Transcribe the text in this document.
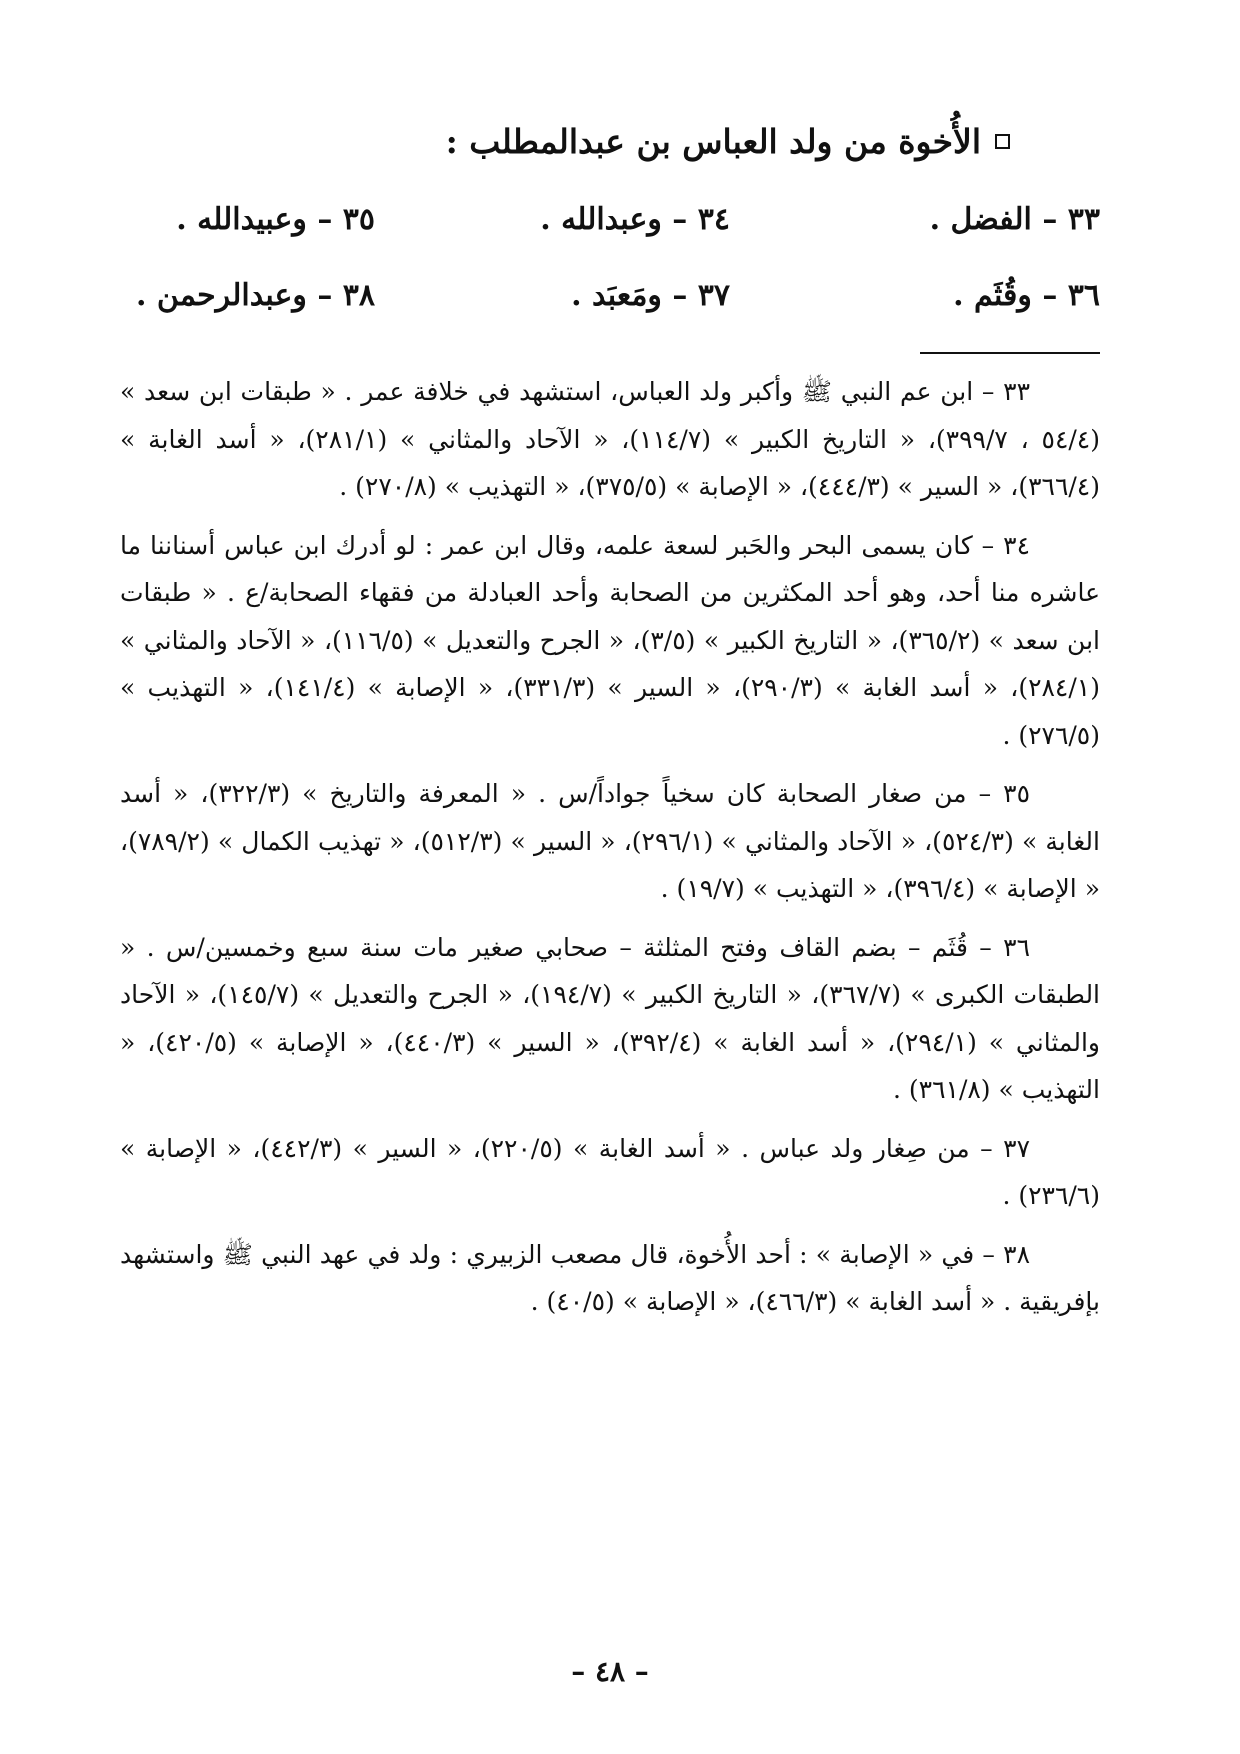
الأُخوة من ولد العباس بن عبدالمطلب :
٣٣ – الفضل .
٣٤ – وعبدالله .
٣٥ – وعبيدالله .
٣٦ – وقُثَم .
٣٧ – ومَعبَد .
٣٨ – وعبدالرحمن .

٣٣ – ابن عم النبي ﷺ وأكبر ولد العباس، استشهد في خلافة عمر . « طبقات ابن سعد » (٥٤/٤ ، ٣٩٩/٧)، « التاريخ الكبير » (١١٤/٧)، « الآحاد والمثاني » (٢٨١/١)، « أسد الغابة » (٣٦٦/٤)، « السير » (٤٤٤/٣)، « الإصابة » (٣٧٥/٥)، « التهذيب » (٢٧٠/٨) .

٣٤ – كان يسمى البحر والحَبر لسعة علمه، وقال ابن عمر : لو أدرك ابن عباس أسناننا ما عاشره منا أحد، وهو أحد المكثرين من الصحابة وأحد العبادلة من فقهاء الصحابة/ع . « طبقات ابن سعد » (٣٦٥/٢)، « التاريخ الكبير » (٣/٥)، « الجرح والتعديل » (١١٦/٥)، « الآحاد والمثاني » (٢٨٤/١)، « أسد الغابة » (٢٩٠/٣)، « السير » (٣٣١/٣)، « الإصابة » (١٤١/٤)، « التهذيب » (٢٧٦/٥) .

٣٥ – من صغار الصحابة كان سخياً جواداً/س . « المعرفة والتاريخ » (٣٢٢/٣)، « أسد الغابة » (٥٢٤/٣)، « الآحاد والمثاني » (٢٩٦/١)، « السير » (٥١٢/٣)، « تهذيب الكمال » (٧٨٩/٢)، « الإصابة » (٣٩٦/٤)، « التهذيب » (١٩/٧) .

٣٦ – قُثَم – بضم القاف وفتح المثلثة – صحابي صغير مات سنة سبع وخمسين/س . « الطبقات الكبرى » (٣٦٧/٧)، « التاريخ الكبير » (١٩٤/٧)، « الجرح والتعديل » (١٤٥/٧)، « الآحاد والمثاني » (٢٩٤/١)، « أسد الغابة » (٣٩٢/٤)، « السير » (٤٤٠/٣)، « الإصابة » (٤٢٠/٥)، « التهذيب » (٣٦١/٨) .

٣٧ – من صِغار ولد عباس . « أسد الغابة » (٢٢٠/٥)، « السير » (٤٤٢/٣)، « الإصابة » (٢٣٦/٦) .

٣٨ – في « الإصابة » : أحد الأُخوة، قال مصعب الزبيري : ولد في عهد النبي ﷺ واستشهد بإفريقية . « أسد الغابة » (٤٦٦/٣)، « الإصابة » (٤٠/٥) .

– ٤٨ –
